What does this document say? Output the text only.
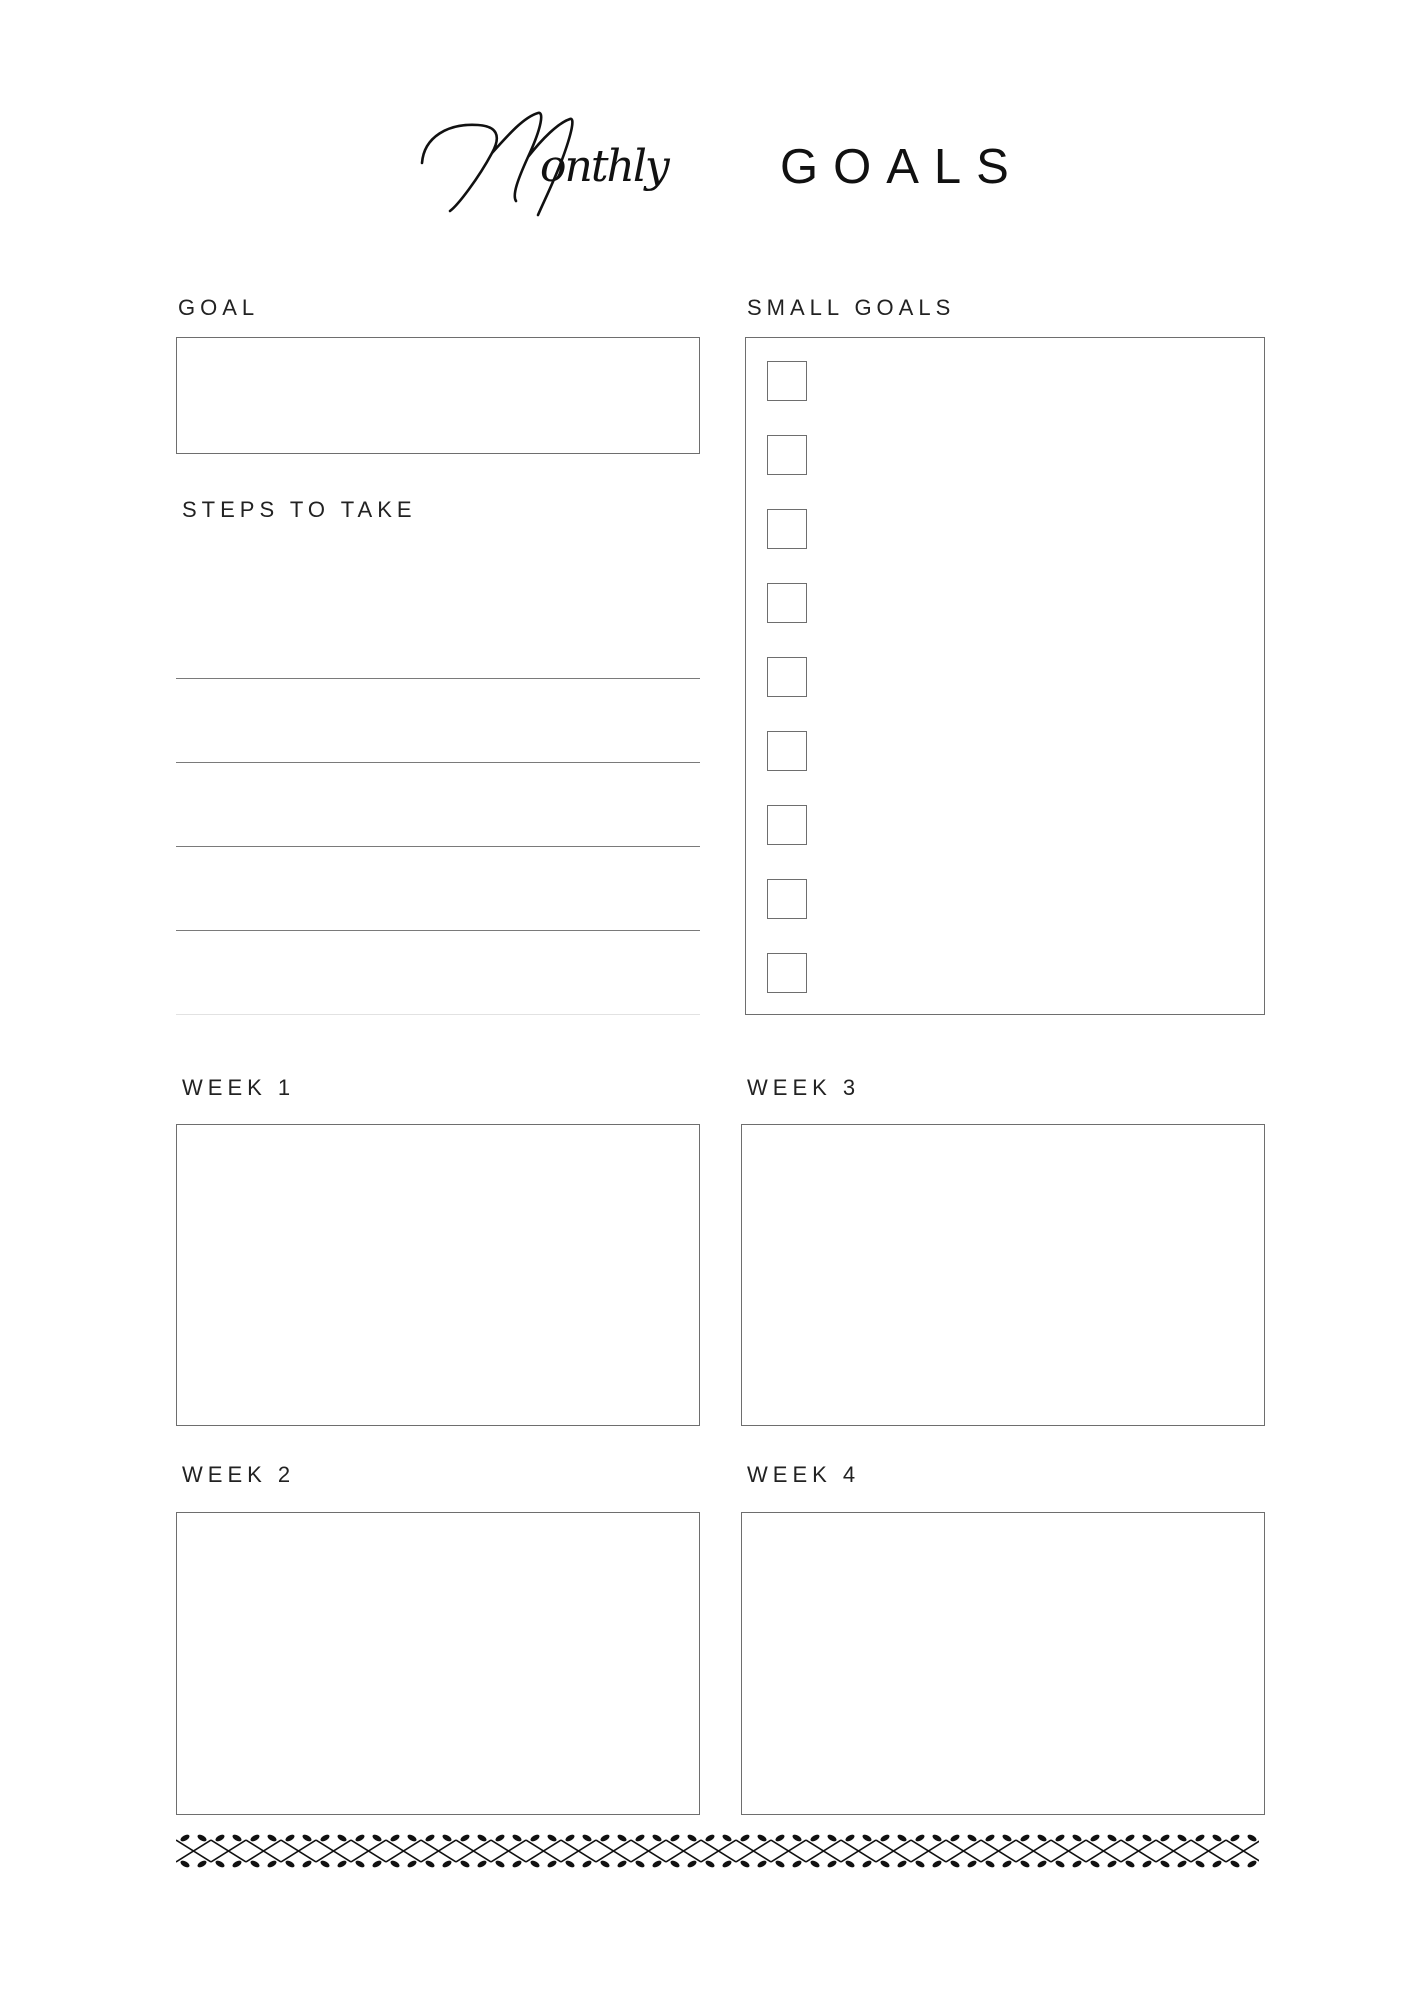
onthly GOALS
GOAL
STEPS TO TAKE
SMALL GOALS
WEEK 1	WEEK 3
WEEK 2	WEEK 4
